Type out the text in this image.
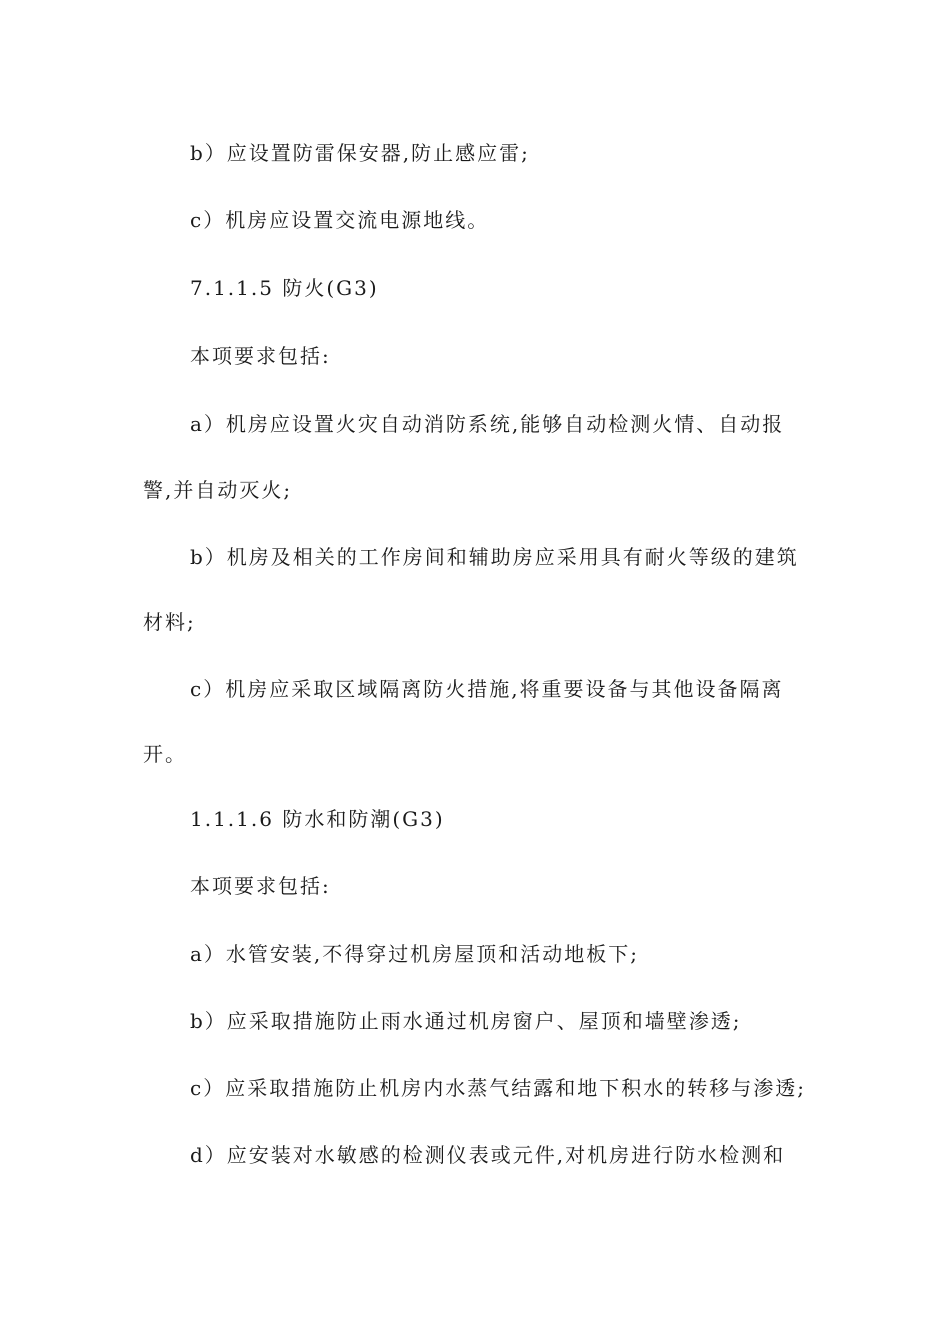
b）应设置防雷保安器,防止感应雷;
c）机房应设置交流电源地线。
7.1.1.5 防火(G3)
本项要求包括:
a）机房应设置火灾自动消防系统,能够自动检测火情、自动报
警,并自动灭火;
b）机房及相关的工作房间和辅助房应采用具有耐火等级的建筑
材料;
c）机房应采取区域隔离防火措施,将重要设备与其他设备隔离
开。
1.1.1.6 防水和防潮(G3)
本项要求包括:
a）水管安装,不得穿过机房屋顶和活动地板下;
b）应采取措施防止雨水通过机房窗户、屋顶和墙壁渗透;
c）应采取措施防止机房内水蒸气结露和地下积水的转移与渗透;
d）应安装对水敏感的检测仪表或元件,对机房进行防水检测和
